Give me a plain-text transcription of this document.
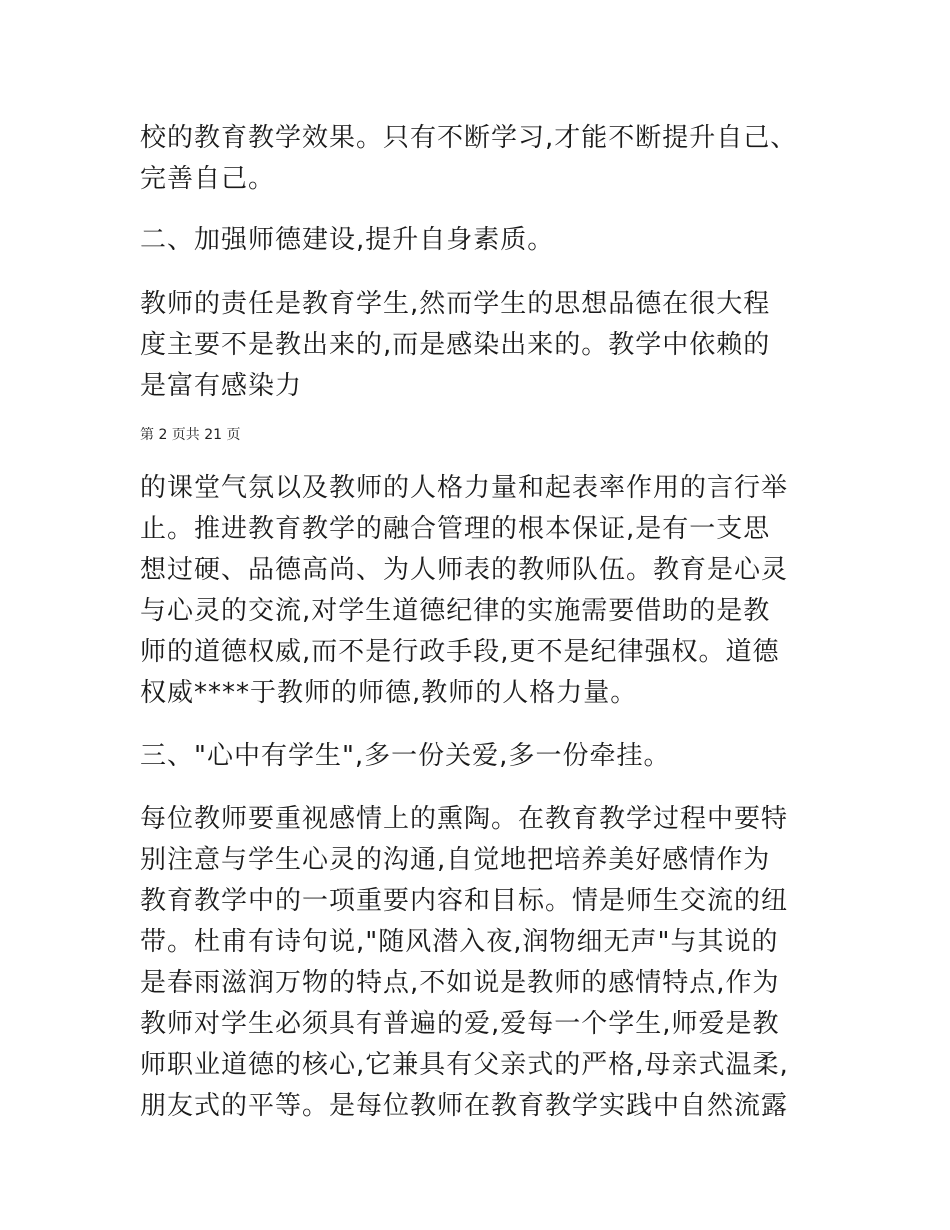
校的教育教学效果。只有不断学习,才能不断提升自己、
完善自己。

二、加强师德建设,提升自身素质。

教师的责任是教育学生,然而学生的思想品德在很大程
度主要不是教出来的,而是感染出来的。教学中依赖的
是富有感染力

第 2 页共 21 页

的课堂气氛以及教师的人格力量和起表率作用的言行举
止。推进教育教学的融合管理的根本保证,是有一支思
想过硬、品德高尚、为人师表的教师队伍。教育是心灵
与心灵的交流,对学生道德纪律的实施需要借助的是教
师的道德权威,而不是行政手段,更不是纪律强权。道德
权威****于教师的师德,教师的人格力量。

三、"心中有学生",多一份关爱,多一份牵挂。

每位教师要重视感情上的熏陶。在教育教学过程中要特
别注意与学生心灵的沟通,自觉地把培养美好感情作为
教育教学中的一项重要内容和目标。情是师生交流的纽
带。杜甫有诗句说,"随风潜入夜,润物细无声"与其说的
是春雨滋润万物的特点,不如说是教师的感情特点,作为
教师对学生必须具有普遍的爱,爱每一个学生,师爱是教
师职业道德的核心,它兼具有父亲式的严格,母亲式温柔,
朋友式的平等。是每位教师在教育教学实践中自然流露
